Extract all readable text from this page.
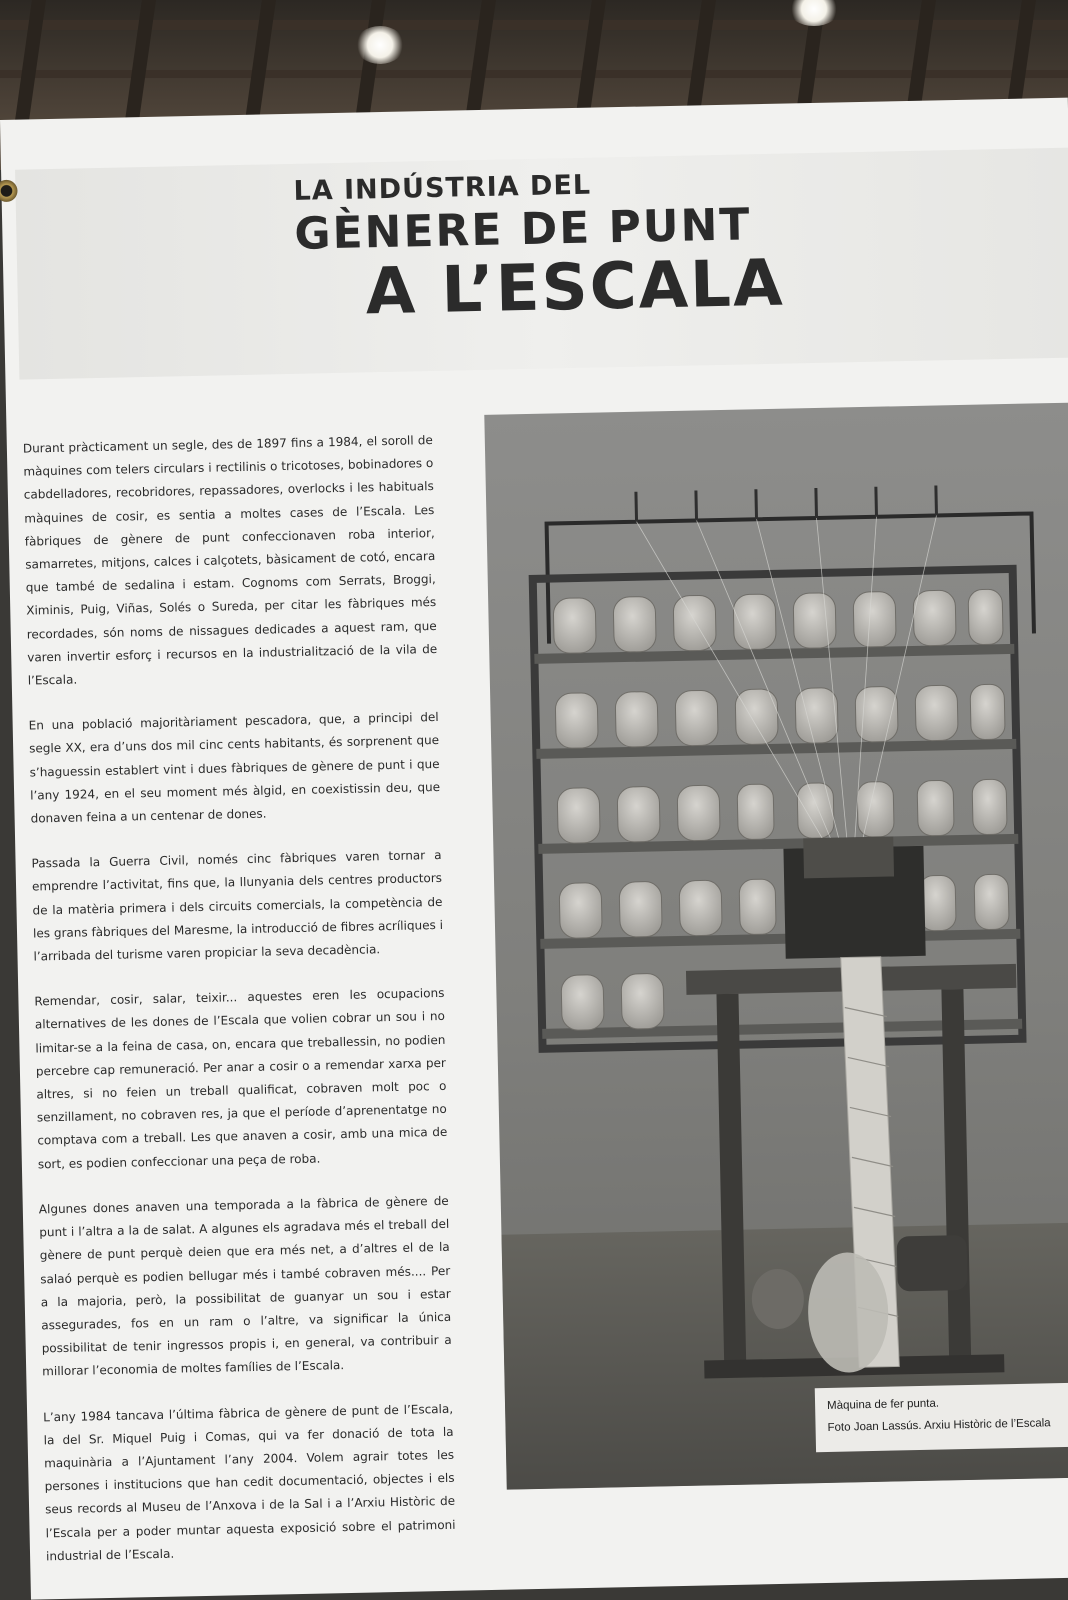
LA INDÚSTRIA DEL
GÈNERE DE PUNT
A L’ESCALA

Durant pràcticament un segle, des de 1897 fins a 1984, el soroll de màquines com telers circulars i rectilinis o tricotoses, bobinadores o cabdelladores, recobridores, repassadores, overlocks i les habituals màquines de cosir, es sentia a moltes cases de l’Escala. Les fàbriques de gènere de punt confeccionaven roba interior, samarretes, mitjons, calces i calçotets, bàsicament de cotó, encara que també de sedalina i estam. Cognoms com Serrats, Broggi, Ximinis, Puig, Viñas, Solés o Sureda, per citar les fàbriques més recordades, són noms de nissagues dedicades a aquest ram, que varen invertir esforç i recursos en la industrialització de la vila de l’Escala.

En una població majoritàriament pescadora, que, a principi del segle XX, era d’uns dos mil cinc cents habitants, és sorprenent que s’haguessin establert vint i dues fàbriques de gènere de punt i que l’any 1924, en el seu moment més àlgid, en coexistissin deu, que donaven feina a un centenar de dones.

Passada la Guerra Civil, només cinc fàbriques varen tornar a emprendre l’activitat, fins que, la llunyania dels centres productors de la matèria primera i dels circuits comercials, la competència de les grans fàbriques del Maresme, la introducció de fibres acríliques i l’arribada del turisme varen propiciar la seva decadència.

Remendar, cosir, salar, teixir... aquestes eren les ocupacions alternatives de les dones de l’Escala que volien cobrar un sou i no limitar-se a la feina de casa, on, encara que treballessin, no podien percebre cap remuneració. Per anar a cosir o a remendar xarxa per altres, si no feien un treball qualificat, cobraven molt poc o senzillament, no cobraven res, ja que el període d’aprenentatge no comptava com a treball. Les que anaven a cosir, amb una mica de sort, es podien confeccionar una peça de roba.

Algunes dones anaven una temporada a la fàbrica de gènere de punt i l’altra a la de salat. A algunes els agradava més el treball del gènere de punt perquè deien que era més net, a d’altres el de la salaó perquè es podien bellugar més i també cobraven més.... Per a la majoria, però, la possibilitat de guanyar un sou i estar assegurades, fos en un ram o l’altre, va significar la única possibilitat de tenir ingressos propis i, en general, va contribuir a millorar l’economia de moltes famílies de l’Escala.

L’any 1984 tancava l’última fàbrica de gènere de punt de l’Escala, la del Sr. Miquel Puig i Comas, qui va fer donació de tota la maquinària a l’Ajuntament l’any 2004. Volem agrair totes les persones i institucions que han cedit documentació, objectes i els seus records al Museu de l’Anxova i de la Sal i a l’Arxiu Històric de l’Escala per a poder muntar aquesta exposició sobre el patrimoni industrial de l’Escala.

Màquina de fer punta.
Foto Joan Lassús. Arxiu Històric de l’Escala
